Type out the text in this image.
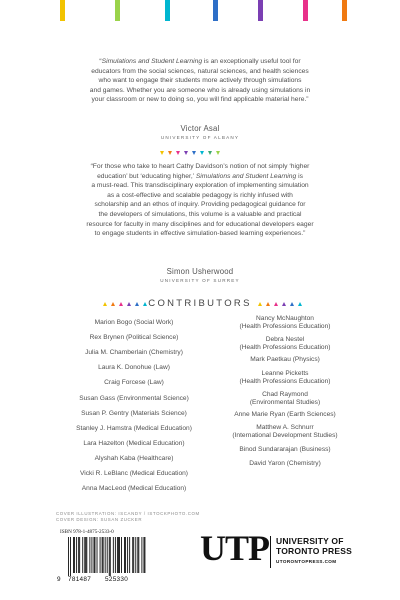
“Simulations and Student Learning is an exceptionally useful tool for
educators from the social sciences, natural sciences, and health sciences
who want to engage their students more actively through simulations
and games. Whether you are someone who is already using simulations in
your classroom or new to doing so, you will find applicable material here.”
Victor Asal
UNIVERSITY OF ALBANY
“For those who take to heart Cathy Davidson’s notion of not simply ‘higher
education’ but ‘educating higher,’ Simulations and Student Learning is
a must-read. This transdisciplinary exploration of implementing simulation
as a cost-effective and scalable pedagogy is richly infused with
scholarship and an ethos of inquiry. Providing pedagogical guidance for
the developers of simulations, this volume is a valuable and practical
resource for faculty in many disciplines and for educational developers eager
to engage students in effective simulation-based learning experiences.”
Simon Usherwood
UNIVERSITY OF SURREY
CONTRIBUTORS
Marion Bogo (Social Work)
Rex Brynen (Political Science)
Julia M. Chamberlain (Chemistry)
Laura K. Donohue (Law)
Craig Forcese (Law)
Susan Gass (Environmental Science)
Susan P. Gentry (Materials Science)
Stanley J. Hamstra (Medical Education)
Lara Hazelton (Medical Education)
Alyshah Kaba (Healthcare)
Vicki R. LeBlanc (Medical Education)
Anna MacLeod (Medical Education)
Nancy McNaughton
(Health Professions Education)
Debra Nestel
(Health Professions Education)
Mark Paetkau (Physics)
Leanne Picketts
(Health Professions Education)
Chad Raymond
(Environmental Studies)
Anne Marie Ryan (Earth Sciences)
Matthew A. Schnurr
(International Development Studies)
Binod Sundararajan (Business)
David Yaron (Chemistry)
COVER ILLUSTRATION: ISCANDY / ISTOCKPHOTO.COM
COVER DESIGN: SUSAN ZUCKER
ISBN 978-1-4875-2533-0
9 781487 525330
UTP UNIVERSITY OF
TORONTO PRESS
UTORONTOPRESS.COM
